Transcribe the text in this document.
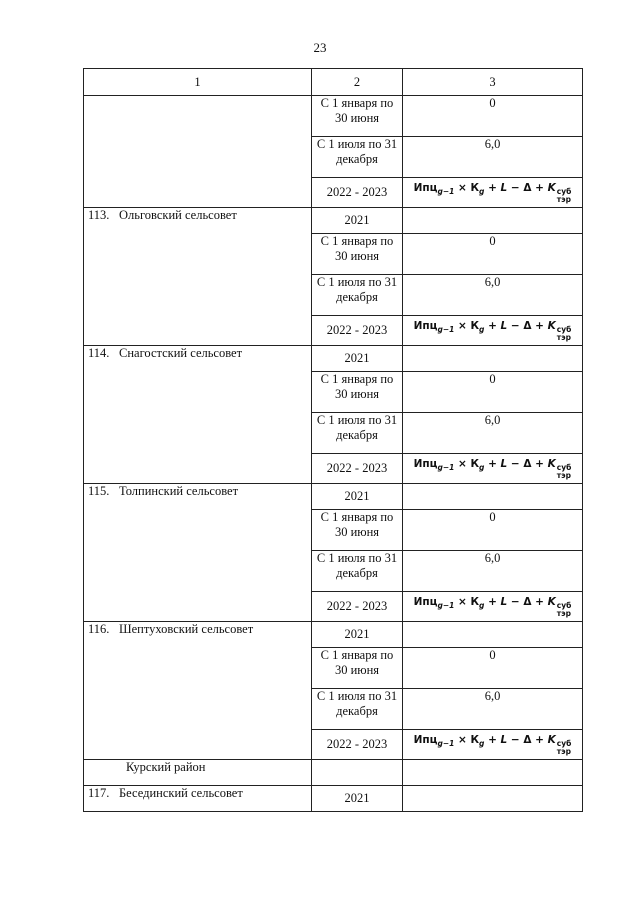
23
1	2	3
	С 1 января по 30 июня	0
	С 1 июля по 31 декабря	6,0
	2022 - 2023	$Ипц_{g-1} \times К_g + L - \Delta + K$ суб
тэр

113. Ольговский сельсовет	2021	
	С 1 января по 30 июня	0
	С 1 июля по 31 декабря	6,0
	2022 - 2023	$Ипц_{g-1} \times К_g + L - \Delta + K$ суб
тэр

114. Снагостский сельсовет	2021	
	С 1 января по 30 июня	0
	С 1 июля по 31 декабря	6,0
	2022 - 2023	$Ипц_{g-1} \times К_g + L - \Delta + K$ суб
тэр

115. Толпинский сельсовет	2021	
	С 1 января по 30 июня	0
	С 1 июля по 31 декабря	6,0
	2022 - 2023	$Ипц_{g-1} \times К_g + L - \Delta + K$ суб
тэр

116. Шептуховский сельсовет	2021	
	С 1 января по 30 июня	0
	С 1 июля по 31 декабря	6,0
	2022 - 2023	$Ипц_{g-1} \times К_g + L - \Delta + K$ суб
тэр

Курский район		
117. Бесединский сельсовет	2021	
